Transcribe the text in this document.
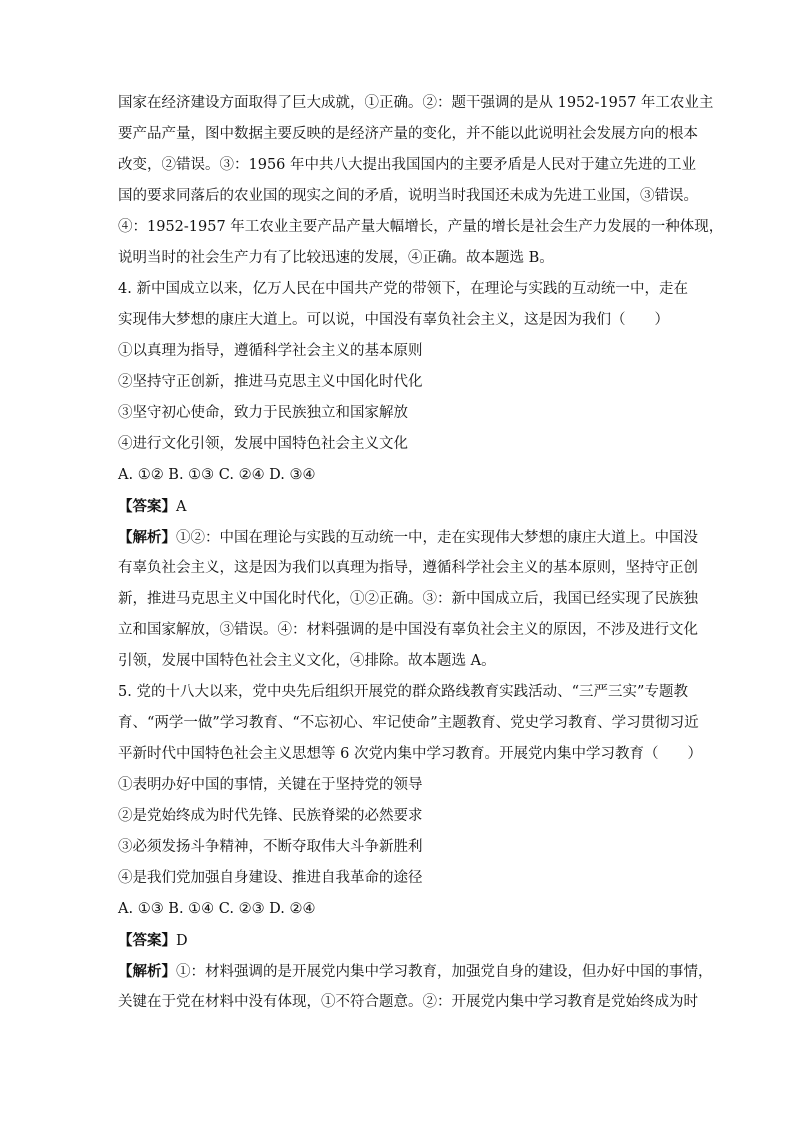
国家在经济建设方面取得了巨大成就，①正确。②：题干强调的是从 1952-1957 年工农业主
要产品产量，图中数据主要反映的是经济产量的变化，并不能以此说明社会发展方向的根本
改变，②错误。③：1956 年中共八大提出我国国内的主要矛盾是人民对于建立先进的工业
国的要求同落后的农业国的现实之间的矛盾，说明当时我国还未成为先进工业国，③错误。
④：1952-1957 年工农业主要产品产量大幅增长，产量的增长是社会生产力发展的一种体现，
说明当时的社会生产力有了比较迅速的发展，④正确。故本题选 B。
4. 新中国成立以来，亿万人民在中国共产党的带领下，在理论与实践的互动统一中，走在
实现伟大梦想的康庄大道上。可以说，中国没有辜负社会主义，这是因为我们（　　）
①以真理为指导，遵循科学社会主义的基本原则
②坚持守正创新，推进马克思主义中国化时代化
③坚守初心使命，致力于民族独立和国家解放
④进行文化引领，发展中国特色社会主义文化
A. ①② B. ①③ C. ②④ D. ③④
【答案】A
【解析】①②：中国在理论与实践的互动统一中，走在实现伟大梦想的康庄大道上。中国没
有辜负社会主义，这是因为我们以真理为指导，遵循科学社会主义的基本原则，坚持守正创
新，推进马克思主义中国化时代化，①②正确。③：新中国成立后，我国已经实现了民族独
立和国家解放，③错误。④：材料强调的是中国没有辜负社会主义的原因，不涉及进行文化
引领，发展中国特色社会主义文化，④排除。故本题选 A。
5. 党的十八大以来，党中央先后组织开展党的群众路线教育实践活动、“三严三实”专题教
育、“两学一做”学习教育、“不忘初心、牢记使命”主题教育、党史学习教育、学习贯彻习近
平新时代中国特色社会主义思想等 6 次党内集中学习教育。开展党内集中学习教育（　　）
①表明办好中国的事情，关键在于坚持党的领导
②是党始终成为时代先锋、民族脊梁的必然要求
③必须发扬斗争精神，不断夺取伟大斗争新胜利
④是我们党加强自身建设、推进自我革命的途径
A. ①③ B. ①④ C. ②③ D. ②④
【答案】D
【解析】①：材料强调的是开展党内集中学习教育，加强党自身的建设，但办好中国的事情，
关键在于党在材料中没有体现，①不符合题意。②：开展党内集中学习教育是党始终成为时
